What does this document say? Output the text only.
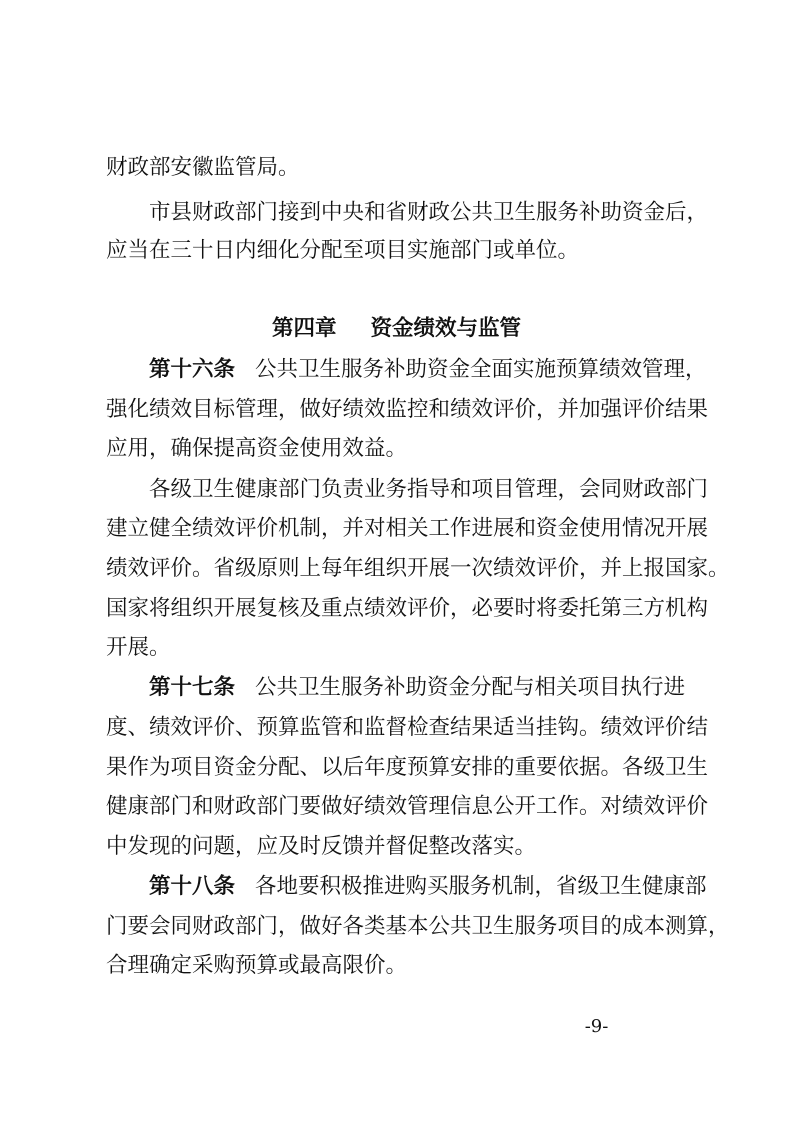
财政部安徽监管局。
市县财政部门接到中央和省财政公共卫生服务补助资金后，
应当在三十日内细化分配至项目实施部门或单位。
第四章 资金绩效与监管
第十六条 公共卫生服务补助资金全面实施预算绩效管理，
强化绩效目标管理，做好绩效监控和绩效评价，并加强评价结果
应用，确保提高资金使用效益。
各级卫生健康部门负责业务指导和项目管理，会同财政部门
建立健全绩效评价机制，并对相关工作进展和资金使用情况开展
绩效评价。省级原则上每年组织开展一次绩效评价，并上报国家。
国家将组织开展复核及重点绩效评价，必要时将委托第三方机构
开展。
第十七条 公共卫生服务补助资金分配与相关项目执行进
度、绩效评价、预算监管和监督检查结果适当挂钩。绩效评价结
果作为项目资金分配、以后年度预算安排的重要依据。各级卫生
健康部门和财政部门要做好绩效管理信息公开工作。对绩效评价
中发现的问题，应及时反馈并督促整改落实。
第十八条 各地要积极推进购买服务机制，省级卫生健康部
门要会同财政部门，做好各类基本公共卫生服务项目的成本测算，
合理确定采购预算或最高限价。
-9-
